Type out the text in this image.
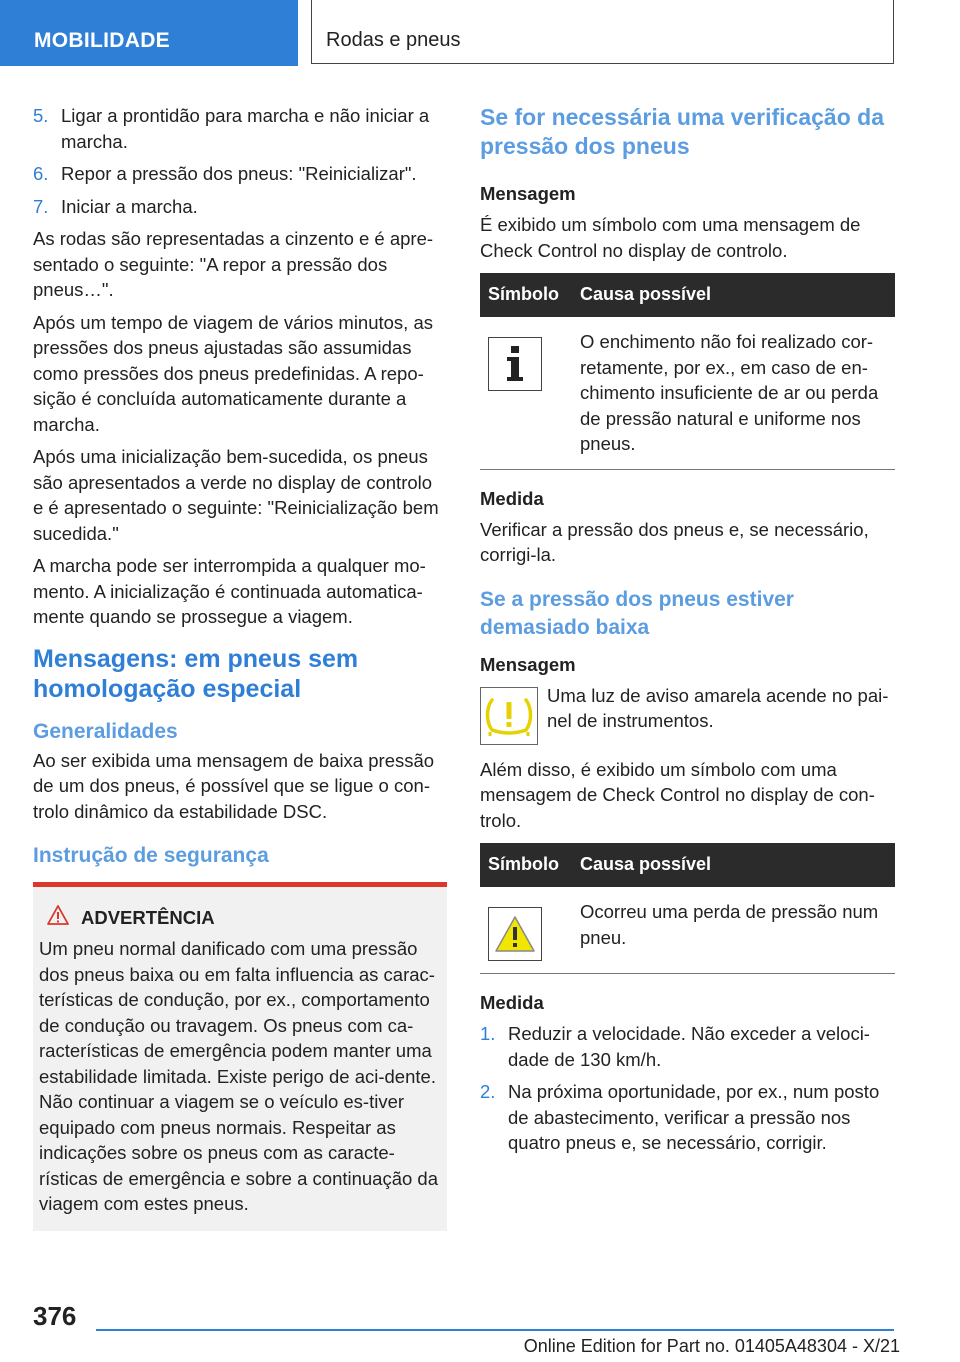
MOBILIDADE	Rodas e pneus
5. Ligar a prontidão para marcha e não iniciar a marcha.
6. Repor a pressão dos pneus: "Reinicializar".
7. Iniciar a marcha.

As rodas são representadas a cinzento e é apre-sentado o seguinte: "A repor a pressão dos pneus…".

Após um tempo de viagem de vários minutos, as pressões dos pneus ajustadas são assumidas como pressões dos pneus predefinidas. A repo-sição é concluída automaticamente durante a marcha.

Após uma inicialização bem-sucedida, os pneus são apresentados a verde no display de controlo e é apresentado o seguinte: "Reinicialização bem sucedida."

A marcha pode ser interrompida a qualquer mo-mento. A inicialização é continuada automatica-mente quando se prossegue a viagem.

Mensagens: em pneus sem homologação especial
Generalidades

Ao ser exibida uma mensagem de baixa pressão de um dos pneus, é possível que se ligue o con-trolo dinâmico da estabilidade DSC.

Instrução de segurança
ADVERTÊNCIA

Um pneu normal danificado com uma pressão dos pneus baixa ou em falta influencia as carac-terísticas de condução, por ex., comportamento de condução ou travagem. Os pneus com ca-racterísticas de emergência podem manter uma estabilidade limitada. Existe perigo de aci-dente. Não continuar a viagem se o veículo es-tiver equipado com pneus normais. Respeitar as indicações sobre os pneus com as caracte-rísticas de emergência e sobre a continuação da viagem com estes pneus.

Se for necessária uma verificação da pressão dos pneus
Mensagem

É exibido um símbolo com uma mensagem de Check Control no display de controlo.

Símbolo	Causa possível

	O enchimento não foi realizado cor-retamente, por ex., em caso de en-chimento insuficiente de ar ou perda de pressão natural e uniforme nos pneus.
Medida

Verificar a pressão dos pneus e, se necessário, corrigi-la.

Se a pressão dos pneus estiver demasiado baixa
Mensagem

Uma luz de aviso amarela acende no pai-nel de instrumentos.

Além disso, é exibido um símbolo com uma mensagem de Check Control no display de con-trolo.

Símbolo	Causa possível

	Ocorreu uma perda de pressão num pneu.
Medida
1. Reduzir a velocidade. Não exceder a veloci-dade de 130 km/h.
2. Na próxima oportunidade, por ex., num posto de abastecimento, verificar a pressão nos quatro pneus e, se necessário, corrigir.
376
Online Edition for Part no. 01405A48304 - X/21
